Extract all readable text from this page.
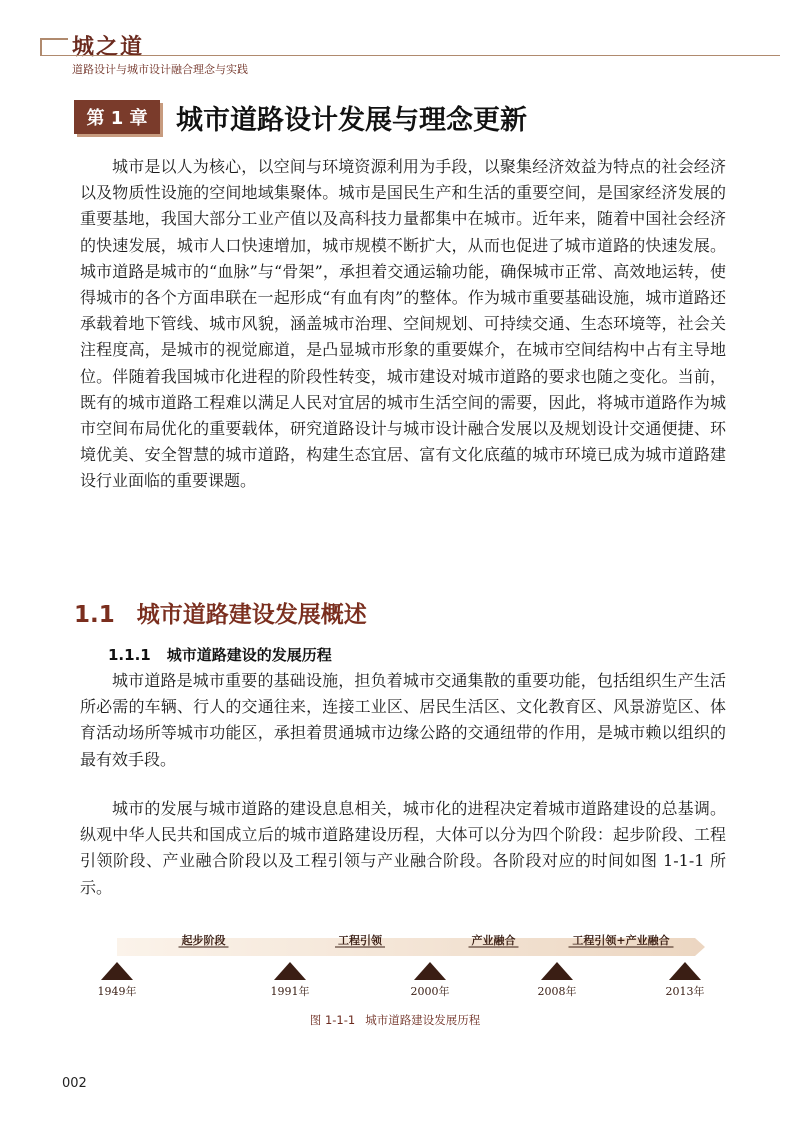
城之道
道路设计与城市设计融合理念与实践
第 1 章	城市道路设计发展与理念更新

城市是以人为核心，以空间与环境资源利用为手段，以聚集经济效益为特点的社会经济以及物质性设施的空间地域集聚体。城市是国民生产和生活的重要空间，是国家经济发展的重要基地，我国大部分工业产值以及高科技力量都集中在城市。近年来，随着中国社会经济的快速发展，城市人口快速增加，城市规模不断扩大，从而也促进了城市道路的快速发展。城市道路是城市的“血脉”与“骨架”，承担着交通运输功能，确保城市正常、高效地运转，使得城市的各个方面串联在一起形成“有血有肉”的整体。作为城市重要基础设施，城市道路还承载着地下管线、城市风貌，涵盖城市治理、空间规划、可持续交通、生态环境等，社会关注程度高，是城市的视觉廊道，是凸显城市形象的重要媒介，在城市空间结构中占有主导地位。伴随着我国城市化进程的阶段性转变，城市建设对城市道路的要求也随之变化。当前，既有的城市道路工程难以满足人民对宜居的城市生活空间的需要，因此，将城市道路作为城市空间布局优化的重要载体，研究道路设计与城市设计融合发展以及规划设计交通便捷、环境优美、安全智慧的城市道路，构建生态宜居、富有文化底蕴的城市环境已成为城市道路建设行业面临的重要课题。

1.1 城市道路建设发展概述
1.1.1 城市道路建设的发展历程

城市道路是城市重要的基础设施，担负着城市交通集散的重要功能，包括组织生产生活所必需的车辆、行人的交通往来，连接工业区、居民生活区、文化教育区、风景游览区、体育活动场所等城市功能区，承担着贯通城市边缘公路的交通纽带的作用，是城市赖以组织的最有效手段。

城市的发展与城市道路的建设息息相关，城市化的进程决定着城市道路建设的总基调。纵观中华人民共和国成立后的城市道路建设历程，大体可以分为四个阶段：起步阶段、工程引领阶段、产业融合阶段以及工程引领与产业融合阶段。各阶段对应的时间如图 1-1-1 所示。

起步阶段	工程引领	产业融合	工程引领+产业融合
1949年	1991年	2000年	2008年	2013年
图 1-1-1 城市道路建设发展历程
002
